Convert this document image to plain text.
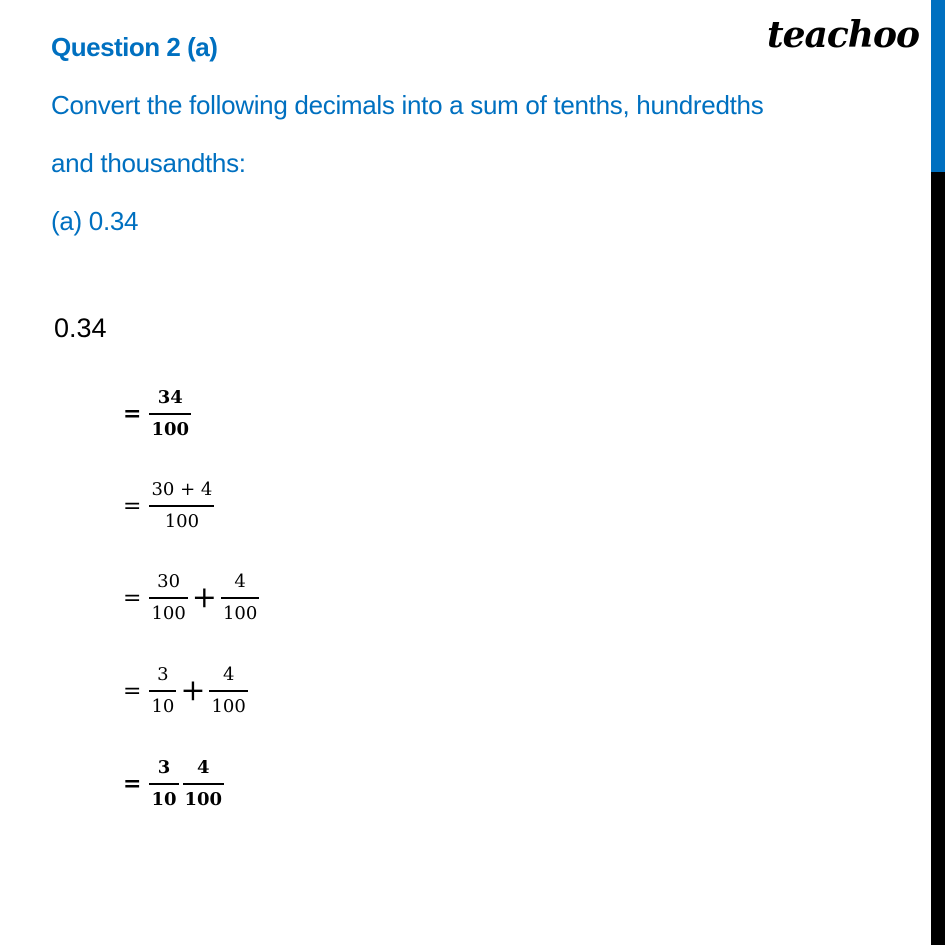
teachoo
Question 2 (a)
Convert the following decimals into a sum of tenths, hundredths
and thousandths:
(a) 0.34
0.34
= $\frac{34}{100}$
= $\frac{30 + 4}{100}$
= $\frac{30}{100} + \frac{4}{100}$
= $\frac{3}{10} + \frac{4}{100}$
= $\frac{3}{10} \frac{4}{100}$
